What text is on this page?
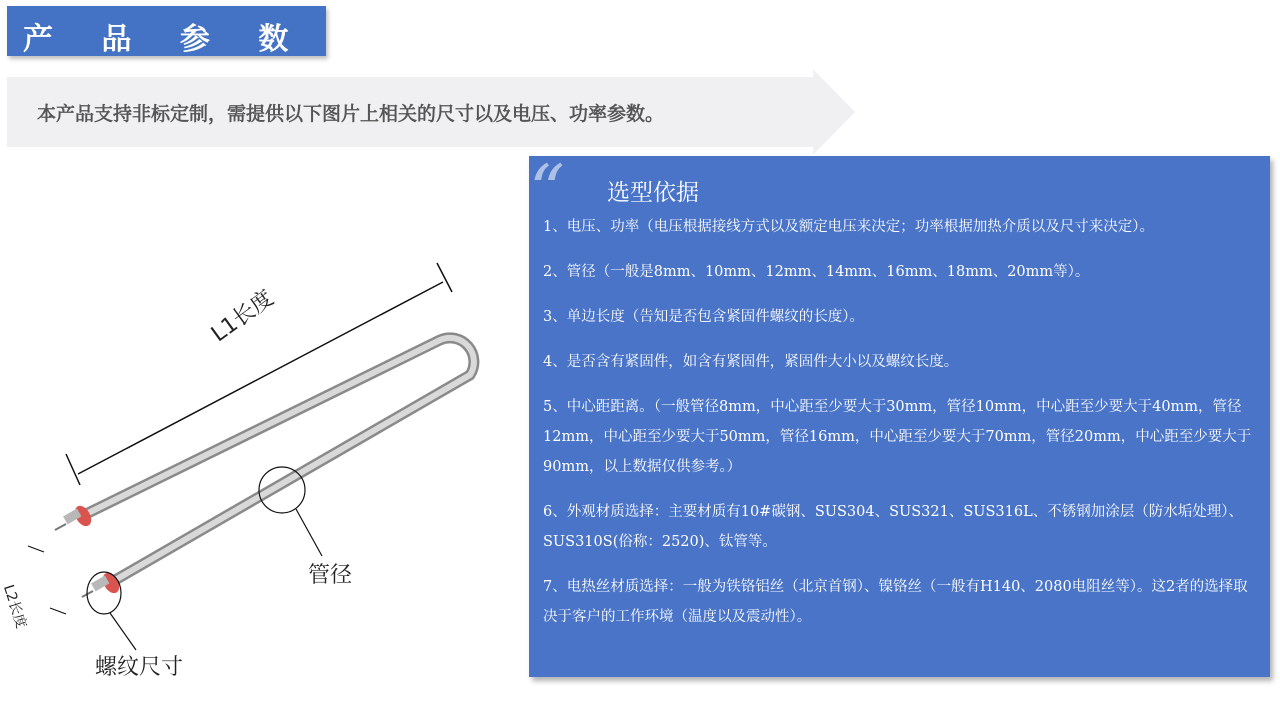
产 品 参 数
本产品支持非标定制，需提供以下图片上相关的尺寸以及电压、功率参数。
L1长度
管径
螺纹尺寸
L2长度
“ 选型依据
1、电压、功率（电压根据接线方式以及额定电压来决定；功率根据加热介质以及尺寸来决定）。
2、管径（一般是8mm、10mm、12mm、14mm、16mm、18mm、20mm等）。
3、单边长度（告知是否包含紧固件螺纹的长度）。
4、是否含有紧固件，如含有紧固件，紧固件大小以及螺纹长度。
5、中心距距离。（一般管径8mm，中心距至少要大于30mm，管径10mm，中心距至少要大于40mm，管径12mm，中心距至少要大于50mm，管径16mm，中心距至少要大于70mm，管径20mm，中心距至少要大于90mm，以上数据仅供参考。）
6、外观材质选择：主要材质有10#碳钢、SUS304、SUS321、SUS316L、不锈钢加涂层（防水垢处理）、SUS310S(俗称：2520)、钛管等。
7、电热丝材质选择：一般为铁铬铝丝（北京首钢）、镍铬丝（一般有H140、2080电阻丝等）。这2者的选择取决于客户的工作环境（温度以及震动性）。
